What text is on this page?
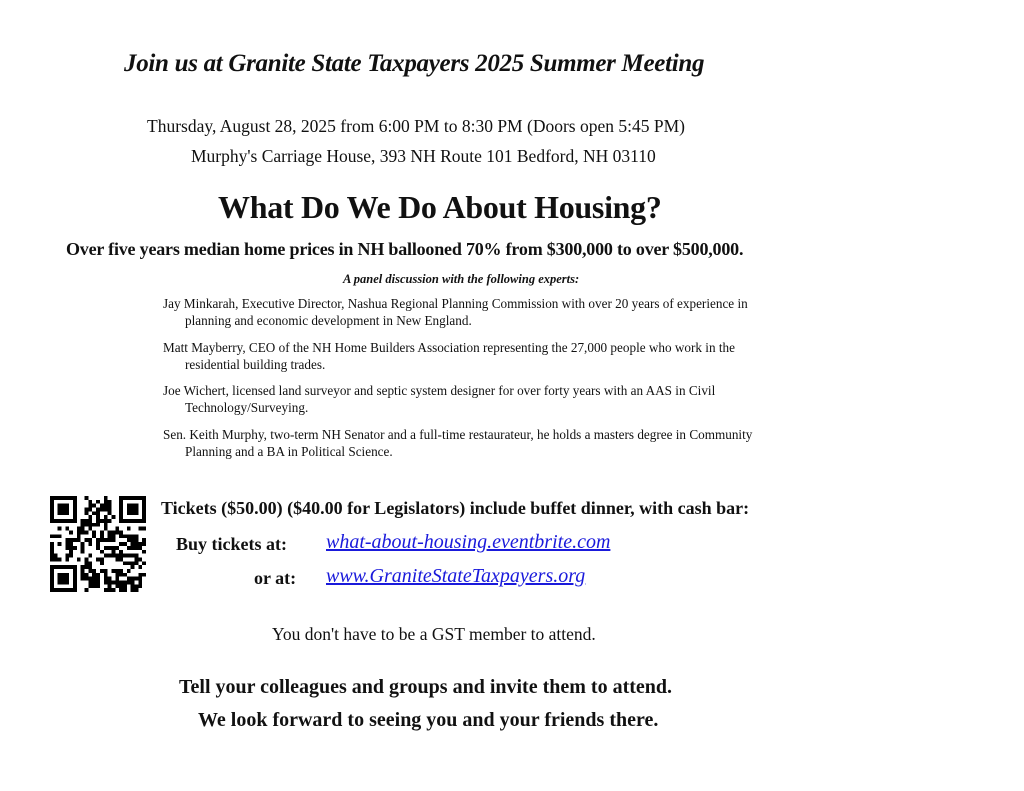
Join us at Granite State Taxpayers 2025 Summer Meeting
Thursday, August 28, 2025 from 6:00 PM to 8:30 PM (Doors open 5:45 PM)
Murphy's Carriage House, 393 NH Route 101 Bedford, NH 03110
What Do We Do About Housing?
Over five years median home prices in NH ballooned 70% from $300,000 to over $500,000.
A panel discussion with the following experts:
Jay Minkarah, Executive Director, Nashua Regional Planning Commission with over 20 years of experience in
planning and economic development in New England.
Matt Mayberry, CEO of the NH Home Builders Association representing the 27,000 people who work in the
residential building trades.
Joe Wichert, licensed land surveyor and septic system designer for over forty years with an AAS in Civil
Technology/Surveying.
Sen. Keith Murphy, two-term NH Senator and a full-time restaurateur, he holds a masters degree in Community
Planning and a BA in Political Science.
Tickets ($50.00) ($40.00 for Legislators) include buffet dinner, with cash bar:
Buy tickets at: what-about-housing.eventbrite.com
or at: www.GraniteStateTaxpayers.org
You don't have to be a GST member to attend.
Tell your colleagues and groups and invite them to attend.
We look forward to seeing you and your friends there.
